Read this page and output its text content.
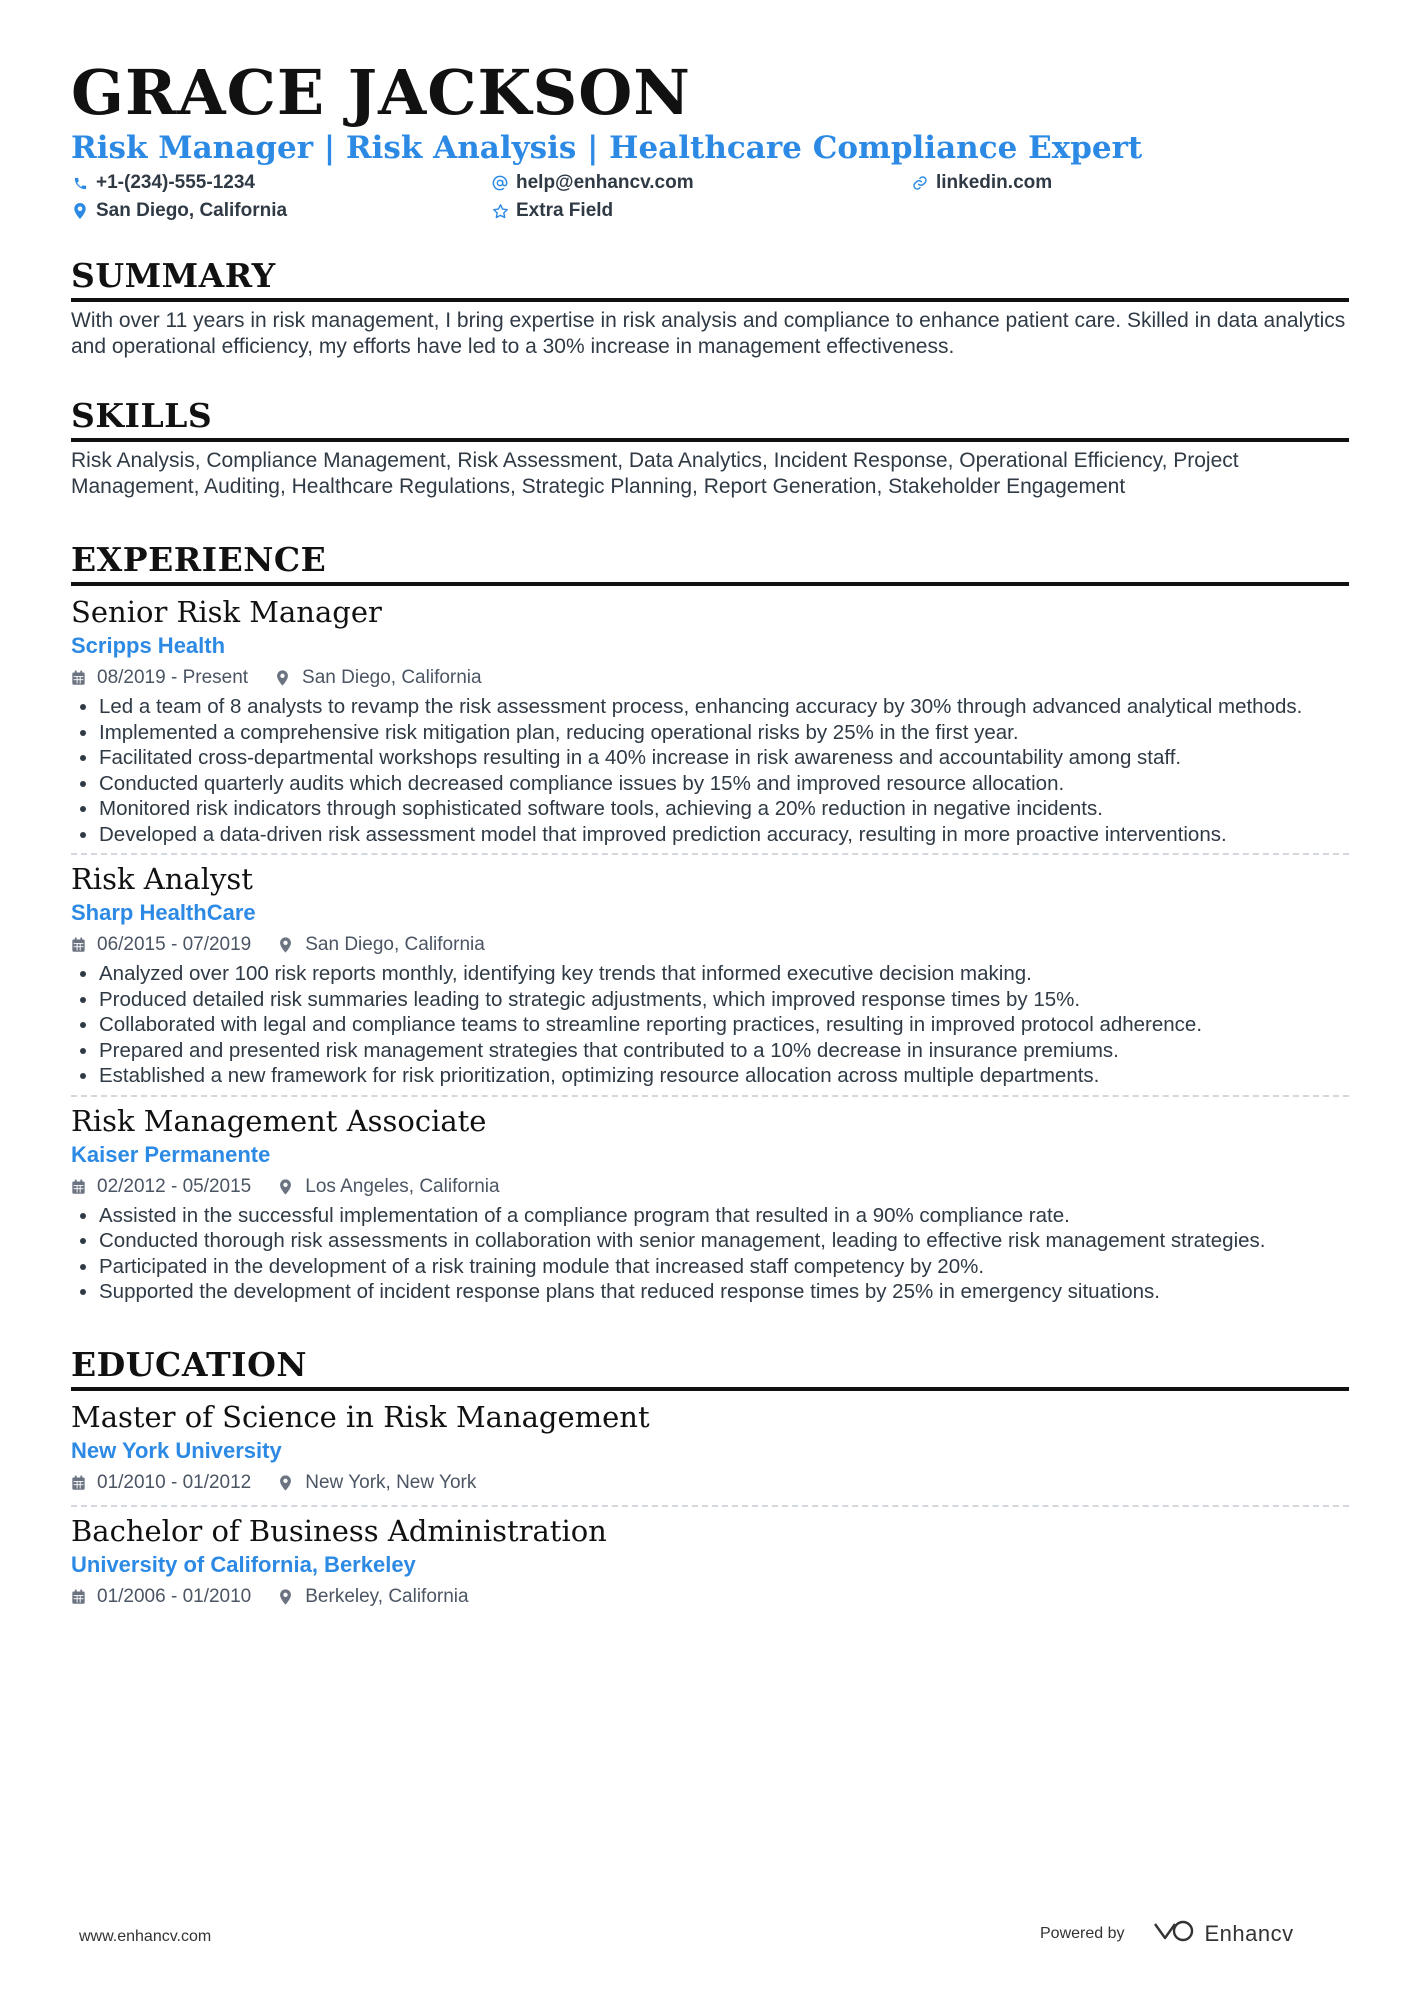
GRACE JACKSON
Risk Manager | Risk Analysis | Healthcare Compliance Expert
+1-(234)-555-1234	help@enhancv.com	linkedin.com
San Diego, California	Extra Field
SUMMARY
With over 11 years in risk management, I bring expertise in risk analysis and compliance to enhance patient care. Skilled in data analytics and operational efficiency, my efforts have led to a 30% increase in management effectiveness.
SKILLS
Risk Analysis, Compliance Management, Risk Assessment, Data Analytics, Incident Response, Operational Efficiency, Project Management, Auditing, Healthcare Regulations, Strategic Planning, Report Generation, Stakeholder Engagement
EXPERIENCE
Senior Risk Manager
Scripps Health
08/2019 - Present	San Diego, California
• Led a team of 8 analysts to revamp the risk assessment process, enhancing accuracy by 30% through advanced analytical methods.
• Implemented a comprehensive risk mitigation plan, reducing operational risks by 25% in the first year.
• Facilitated cross-departmental workshops resulting in a 40% increase in risk awareness and accountability among staff.
• Conducted quarterly audits which decreased compliance issues by 15% and improved resource allocation.
• Monitored risk indicators through sophisticated software tools, achieving a 20% reduction in negative incidents.
• Developed a data-driven risk assessment model that improved prediction accuracy, resulting in more proactive interventions.
Risk Analyst
Sharp HealthCare
06/2015 - 07/2019	San Diego, California
• Analyzed over 100 risk reports monthly, identifying key trends that informed executive decision making.
• Produced detailed risk summaries leading to strategic adjustments, which improved response times by 15%.
• Collaborated with legal and compliance teams to streamline reporting practices, resulting in improved protocol adherence.
• Prepared and presented risk management strategies that contributed to a 10% decrease in insurance premiums.
• Established a new framework for risk prioritization, optimizing resource allocation across multiple departments.
Risk Management Associate
Kaiser Permanente
02/2012 - 05/2015	Los Angeles, California
• Assisted in the successful implementation of a compliance program that resulted in a 90% compliance rate.
• Conducted thorough risk assessments in collaboration with senior management, leading to effective risk management strategies.
• Participated in the development of a risk training module that increased staff competency by 20%.
• Supported the development of incident response plans that reduced response times by 25% in emergency situations.
EDUCATION
Master of Science in Risk Management
New York University
01/2010 - 01/2012	New York, New York
Bachelor of Business Administration
University of California, Berkeley
01/2006 - 01/2010	Berkeley, California
www.enhancv.com	Powered by	Enhancv
